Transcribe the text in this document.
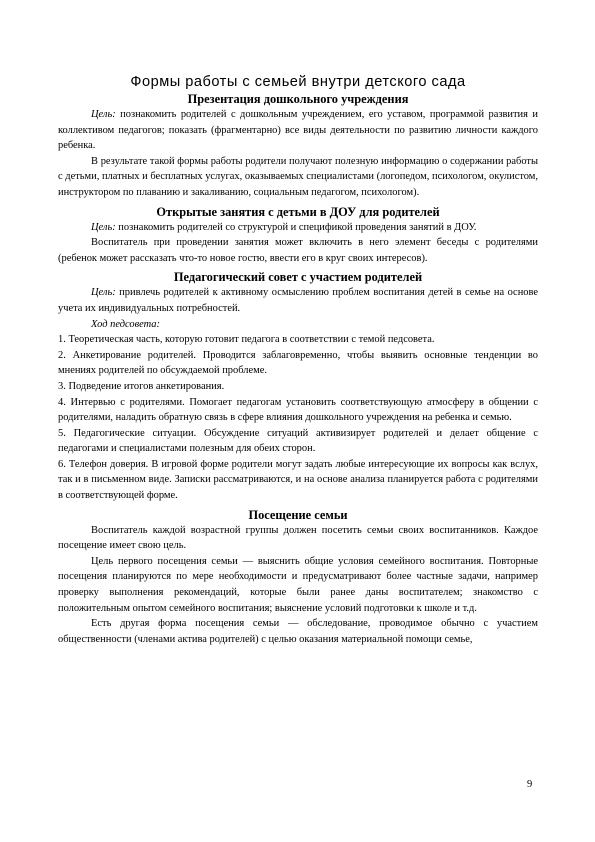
Формы работы с семьей внутри детского сада

Презентация дошкольного учреждения

Цель: познакомить родителей с дошкольным учреждением, его уставом, программой развития и коллективом педагогов; показать (фрагментарно) все виды деятельности по развитию личности каждого ребенка.

В результате такой формы работы родители получают полезную информацию о содержании работы с детьми, платных и бесплатных услугах, оказываемых специалистами (логопедом, психологом, окулистом, инструктором по плаванию и закаливанию, социальным педагогом, психологом).

Открытые занятия с детьми в ДОУ для родителей

Цель: познакомить родителей со структурой и спецификой проведения занятий в ДОУ.

Воспитатель при проведении занятия может включить в него элемент беседы с родителями (ребенок может рассказать что-то новое гостю, ввести его в круг своих интересов).

Педагогический совет с участием родителей

Цель: привлечь родителей к активному осмыслению проблем воспитания детей в семье на основе учета их индивидуальных потребностей.

Ход педсовета:

1. Теоретическая часть, которую готовит педагога в соответствии с темой педсовета.

2. Анкетирование родителей. Проводится заблаговременно, чтобы выявить основные тенденции во мнениях родителей по обсуждаемой проблеме.

3. Подведение итогов анкетирования.

4. Интервью с родителями. Помогает педагогам установить соответствующую атмосферу в общении с родителями, наладить обратную связь в сфере влияния дошкольного учреждения на ребенка и семью.

5. Педагогические ситуации. Обсуждение ситуаций активизирует родителей и делает общение с педагогами и специалистами полезным для обеих сторон.

6. Телефон доверия. В игровой форме родители могут задать любые интересующие их вопросы как вслух, так и в письменном виде. Записки рассматриваются, и на основе анализа планируется работа с родителями в соответствующей форме.

Посещение семьи

Воспитатель каждой возрастной группы должен посетить семьи своих воспитанников. Каждое посещение имеет свою цель.

Цель первого посещения семьи — выяснить общие условия семейного воспитания. Повторные посещения планируются по мере необходимости и предусматривают более частные задачи, например проверку выполнения рекомендаций, которые были ранее даны воспитателем; знакомство с положительным опытом семейного воспитания; выяснение условий подготовки к школе и т.д.

Есть другая форма посещения семьи — обследование, проводимое обычно с участием общественности (членами актива родителей) с целью оказания материальной помощи семье,

9
